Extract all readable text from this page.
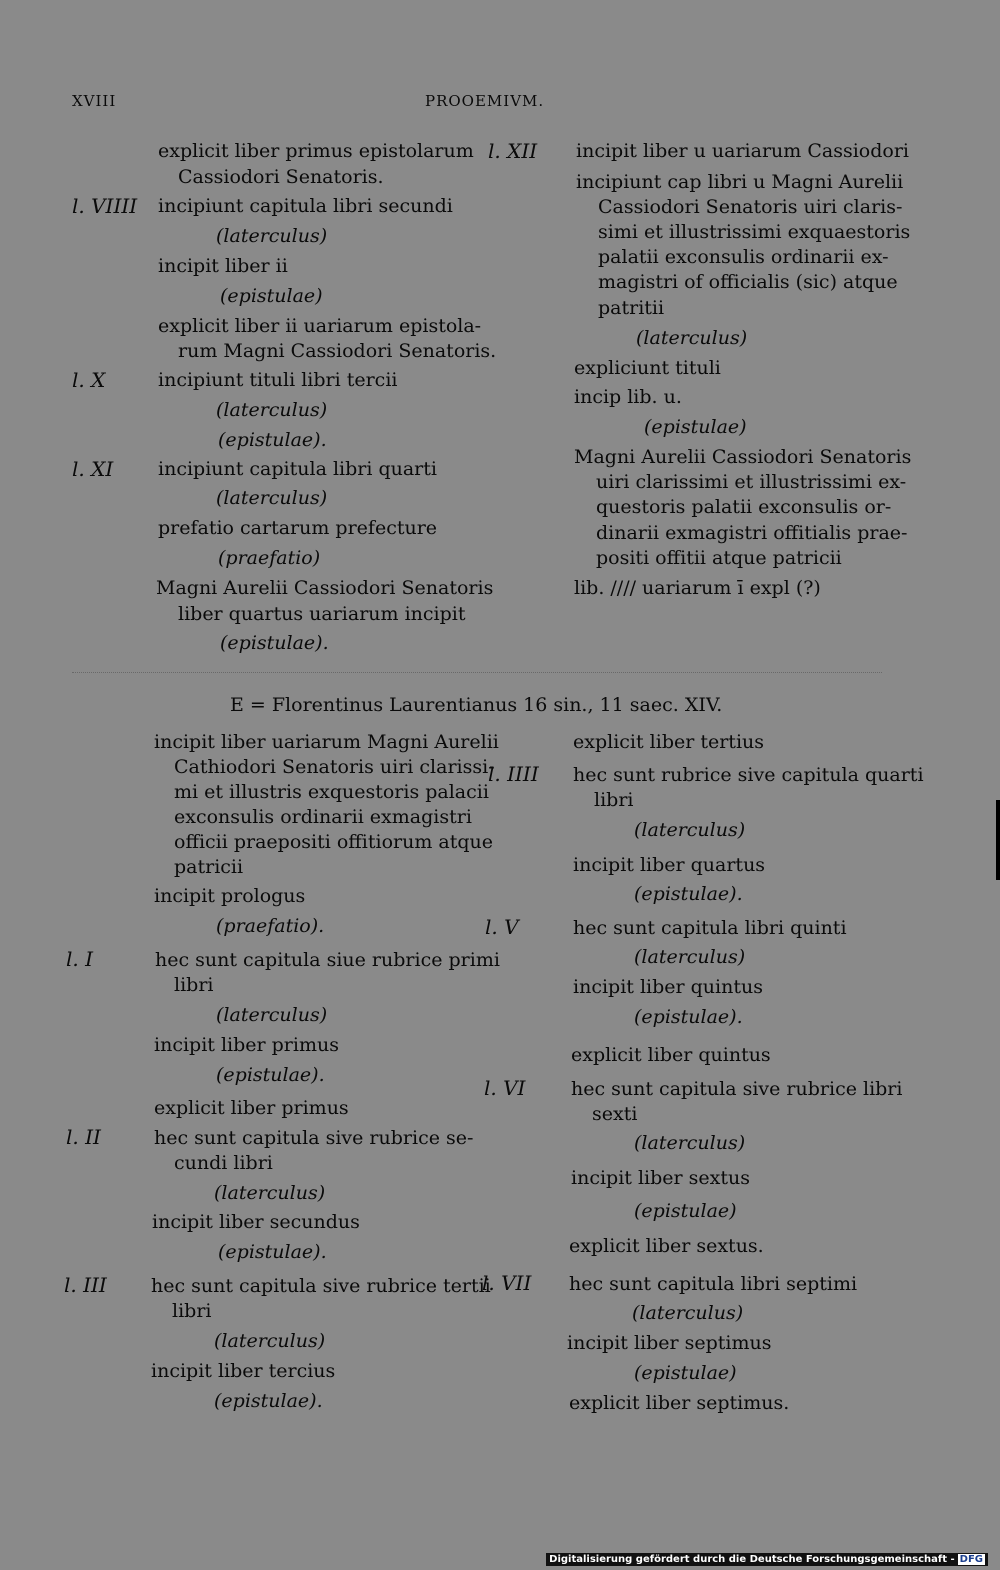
XVIII	PROOEMIVM.
explicit liber primus epistolarum
Cassiodori Senatoris.
l. VIIII incipiunt capitula libri secundi
(laterculus)
incipit liber ii
(epistulae)
explicit liber ii uariarum epistola-
rum Magni Cassiodori Senatoris.
l. X	incipiunt tituli libri tercii
(laterculus)
(epistulae).
l. XI incipiunt capitula libri quarti
(laterculus)
prefatio cartarum prefecture
(praefatio)
Magni Aurelii Cassiodori Senatoris
liber quartus uariarum incipit
(epistulae).
l. XII incipit liber u uariarum Cassiodori
incipiunt cap libri u Magni Aurelii
Cassiodori Senatoris uiri claris-
simi et illustrissimi exquaestoris
palatii exconsulis ordinarii ex-
magistri of officialis (sic) atque
patritii
(laterculus)
expliciunt tituli
incip lib. u.
(epistulae)
Magni Aurelii Cassiodori Senatoris
uiri clarissimi et illustrissimi ex-
questoris palatii exconsulis or-
dinarii exmagistri offitialis prae-
positi offitii atque patricii
lib. //// uariarum ī expl (?)
E = Florentinus Laurentianus 16 sin., 11 saec. XIV.
incipit liber uariarum Magni Aurelii
Cathiodori Senatoris uiri clarissi-
mi et illustris exquestoris palacii
exconsulis ordinarii exmagistri
officii praepositi offitiorum atque
patricii
incipit prologus
(praefatio).
l. I	hec sunt capitula siue rubrice primi
libri
(laterculus)
incipit liber primus
(epistulae).
explicit liber primus
l. II	hec sunt capitula sive rubrice se-
cundi libri
(laterculus)
incipit liber secundus
(epistulae).
l. III hec sunt capitula sive rubrice tertii
libri
(laterculus)
incipit liber tercius
(epistulae).
explicit liber tertius
l. IIII hec sunt rubrice sive capitula quarti
libri
(laterculus)
incipit liber quartus
(epistulae).
l. V	hec sunt capitula libri quinti
(laterculus)
incipit liber quintus
(epistulae).
explicit liber quintus
l. VI hec sunt capitula sive rubrice libri
sexti
(laterculus)
incipit liber sextus
(epistulae)
explicit liber sextus.
l. VII hec sunt capitula libri septimi
(laterculus)
incipit liber septimus
(epistulae)
explicit liber septimus.
Digitalisierung gefördert durch die Deutsche Forschungsgemeinschaft - DFG
